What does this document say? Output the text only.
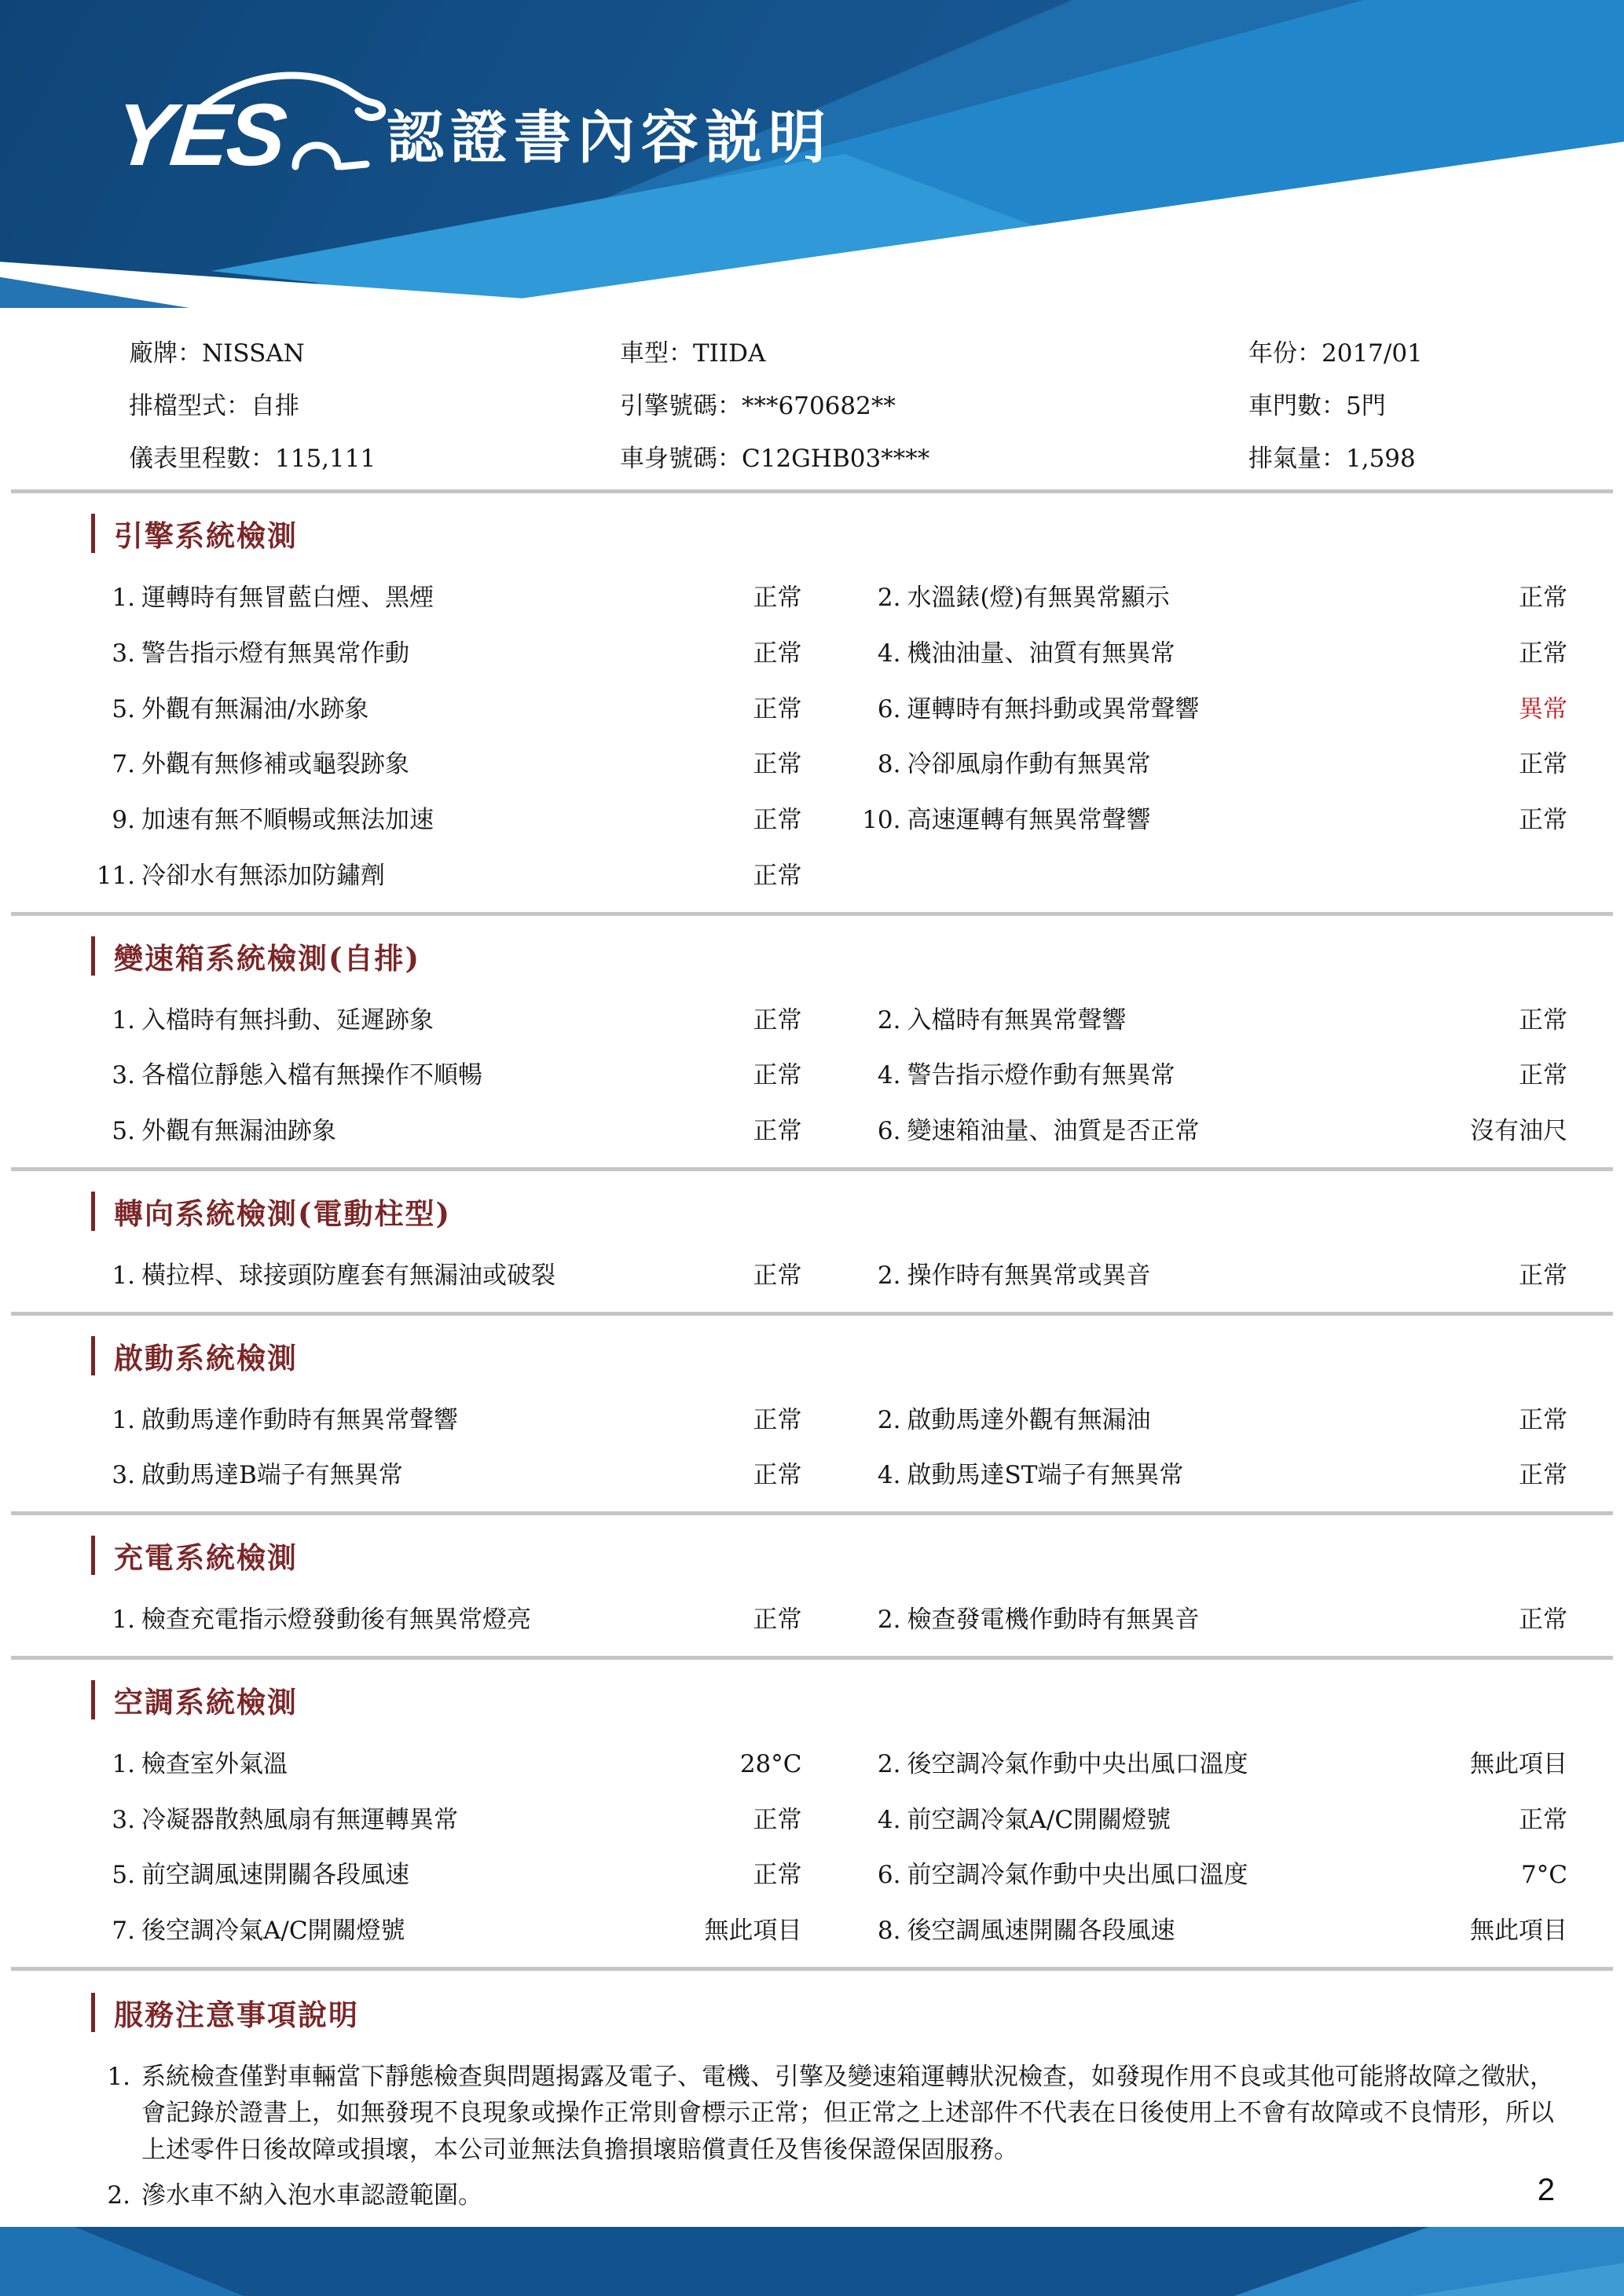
YES 認證書內容説明
廠牌：NISSAN	車型：TIIDA	年份：2017/01
排檔型式：自排	引擎號碼：***670682**	車門數：5門
儀表里程數：115,111	車身號碼：C12GHB03****	排氣量：1,598
引擎系統檢測
1. 運轉時有無冒藍白煙、黑煙	正常	2. 水溫錶(燈)有無異常顯示	正常
3. 警告指示燈有無異常作動	正常	4. 機油油量、油質有無異常	正常
5. 外觀有無漏油/水跡象	正常	6. 運轉時有無抖動或異常聲響	異常
7. 外觀有無修補或龜裂跡象	正常	8. 冷卻風扇作動有無異常	正常
9. 加速有無不順暢或無法加速	正常 10. 高速運轉有無異常聲響	正常
11. 冷卻水有無添加防鏽劑	正常
變速箱系統檢測(自排)
1. 入檔時有無抖動、延遲跡象	正常	2. 入檔時有無異常聲響	正常
3. 各檔位靜態入檔有無操作不順暢	正常	4. 警告指示燈作動有無異常	正常
5. 外觀有無漏油跡象	正常	6. 變速箱油量、油質是否正常	沒有油尺
轉向系統檢測(電動柱型)
1. 橫拉桿、球接頭防塵套有無漏油或破裂	正常	2. 操作時有無異常或異音	正常
啟動系統檢測
1. 啟動馬達作動時有無異常聲響	正常	2. 啟動馬達外觀有無漏油	正常
3. 啟動馬達B端子有無異常	正常	4. 啟動馬達ST端子有無異常	正常
充電系統檢測
1. 檢查充電指示燈發動後有無異常燈亮	正常	2. 檢查發電機作動時有無異音	正常
空調系統檢測
1. 檢查室外氣溫	28°C	2. 後空調冷氣作動中央出風口溫度	無此項目
3. 冷凝器散熱風扇有無運轉異常	正常	4. 前空調冷氣A/C開關燈號	正常
5. 前空調風速開關各段風速	正常	6. 前空調冷氣作動中央出風口溫度	7°C
7. 後空調冷氣A/C開關燈號	無此項目	8. 後空調風速開關各段風速	無此項目
服務注意事項說明
1. 系統檢查僅對車輛當下靜態檢查與問題揭露及電子、電機、引擎及變速箱運轉狀況檢查，如發現作用不良或其他可能將故障之徵狀，會記錄於證書上，如無發現不良現象或操作正常則會標示正常；但正常之上述部件不代表在日後使用上不會有故障或不良情形，所以上述零件日後故障或損壞，本公司並無法負擔損壞賠償責任及售後保證保固服務。
2. 滲水車不納入泡水車認證範圍。	2
